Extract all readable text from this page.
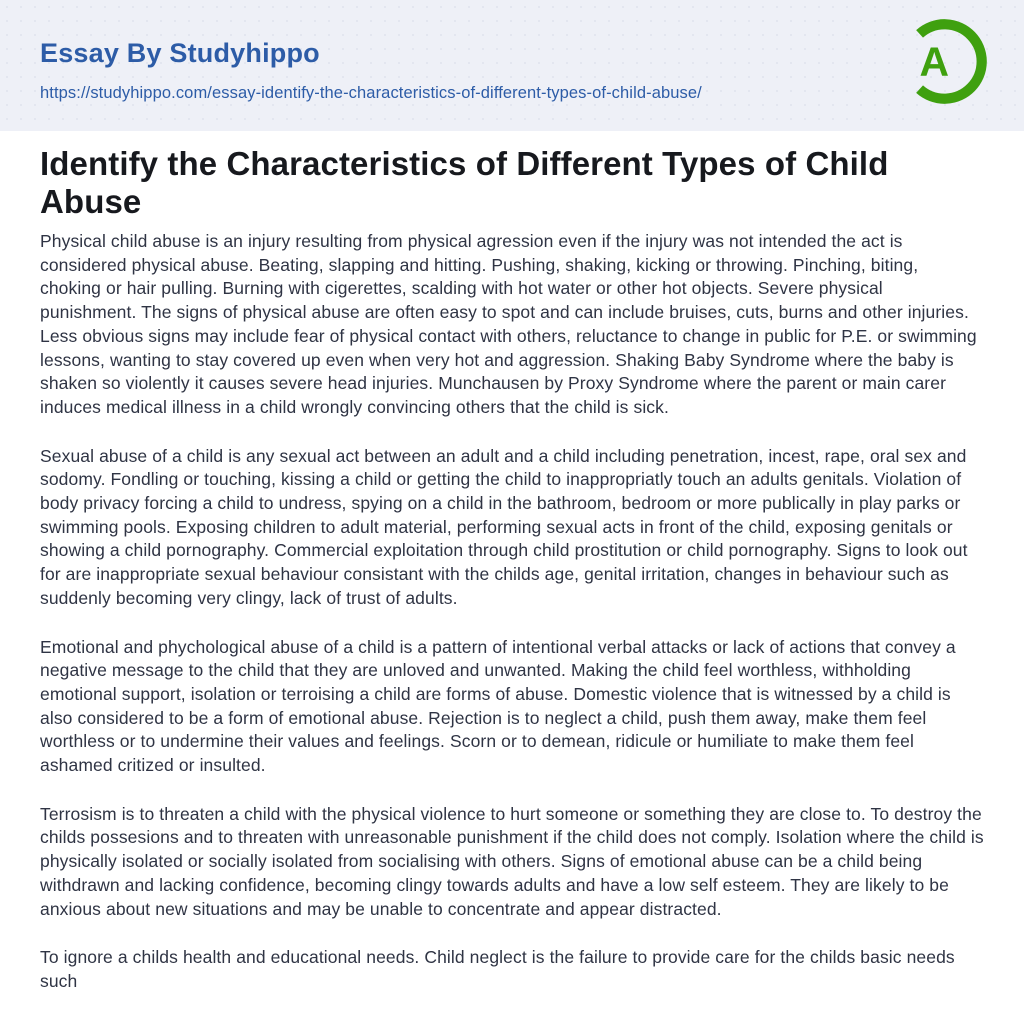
Essay By Studyhippo
https://studyhippo.com/essay-identify-the-characteristics-of-different-types-of-child-abuse/
A
Identify the Characteristics of Different Types of Child Abuse

Physical child abuse is an injury resulting from physical agression even if the injury was not intended the act is considered physical abuse. Beating, slapping and hitting. Pushing, shaking, kicking or throwing. Pinching, biting, choking or hair pulling. Burning with cigerettes, scalding with hot water or other hot objects. Severe physical punishment. The signs of physical abuse are often easy to spot and can include bruises, cuts, burns and other injuries. Less obvious signs may include fear of physical contact with others, reluctance to change in public for P.E. or swimming lessons, wanting to stay covered up even when very hot and aggression. Shaking Baby Syndrome where the baby is shaken so violently it causes severe head injuries. Munchausen by Proxy Syndrome where the parent or main carer induces medical illness in a child wrongly convincing others that the child is sick.

Sexual abuse of a child is any sexual act between an adult and a child including penetration, incest, rape, oral sex and sodomy. Fondling or touching, kissing a child or getting the child to inappropriatly touch an adults genitals. Violation of body privacy forcing a child to undress, spying on a child in the bathroom, bedroom or more publically in play parks or swimming pools. Exposing children to adult material, performing sexual acts in front of the child, exposing genitals or showing a child pornography. Commercial exploitation through child prostitution or child pornography. Signs to look out for are inappropriate sexual behaviour consistant with the childs age, genital irritation, changes in behaviour such as suddenly becoming very clingy, lack of trust of adults.

Emotional and phychological abuse of a child is a pattern of intentional verbal attacks or lack of actions that convey a negative message to the child that they are unloved and unwanted. Making the child feel worthless, withholding emotional support, isolation or terroising a child are forms of abuse. Domestic violence that is witnessed by a child is also considered to be a form of emotional abuse. Rejection is to neglect a child, push them away, make them feel worthless or to undermine their values and feelings. Scorn or to demean, ridicule or humiliate to make them feel ashamed critized or insulted.

Terrosism is to threaten a child with the physical violence to hurt someone or something they are close to. To destroy the childs possesions and to threaten with unreasonable punishment if the child does not comply. Isolation where the child is physically isolated or socially isolated from socialising with others. Signs of emotional abuse can be a child being withdrawn and lacking confidence, becoming clingy towards adults and have a low self esteem. They are likely to be anxious about new situations and may be unable to concentrate and appear distracted.

To ignore a childs health and educational needs. Child neglect is the failure to provide care for the childs basic needs such
